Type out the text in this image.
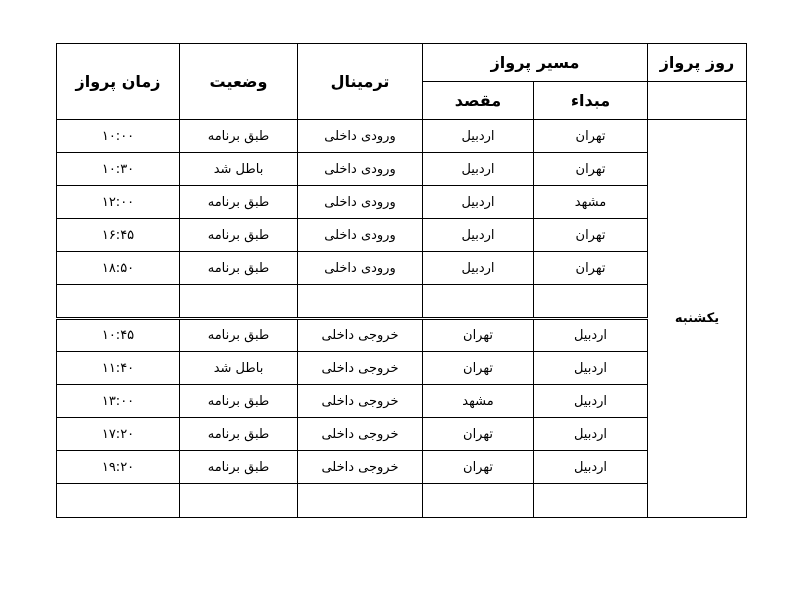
روز پرواز	مسیر پرواز		ترمینال	وضعیت	زمان پرواز
	مبداء	مقصد			
یکشنبه	تهران	اردبیل	ورودی داخلی	طبق برنامه	۱۰:۰۰
	تهران	اردبیل	ورودی داخلی	باطل شد	۱۰:۳۰
	مشهد	اردبیل	ورودی داخلی	طبق برنامه	۱۲:۰۰
	تهران	اردبیل	ورودی داخلی	طبق برنامه	۱۶:۴۵
	تهران	اردبیل	ورودی داخلی	طبق برنامه	۱۸:۵۰

	اردبیل	تهران	خروجی داخلی	طبق برنامه	۱۰:۴۵
	اردبیل	تهران	خروجی داخلی	باطل شد	۱۱:۴۰
	اردبیل	مشهد	خروجی داخلی	طبق برنامه	۱۳:۰۰
	اردبیل	تهران	خروجی داخلی	طبق برنامه	۱۷:۲۰
	اردبیل	تهران	خروجی داخلی	طبق برنامه	۱۹:۲۰
